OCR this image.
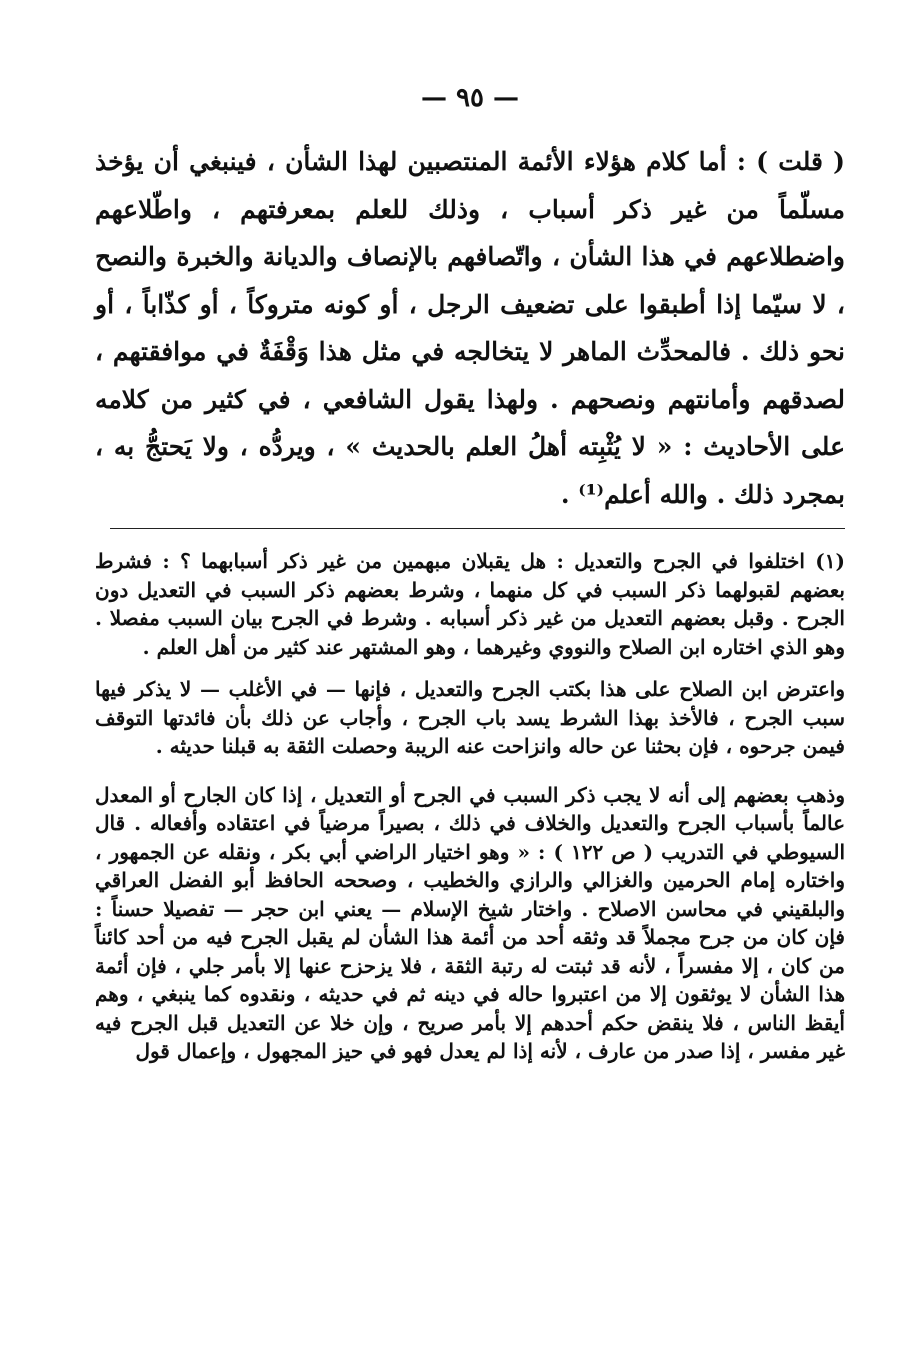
— ٩٥ —

( قلت ) : أما كلام هؤلاء الأئمة المنتصبين لهذا الشأن ، فينبغي أن يؤخذ مسلّماً من غير ذكر أسباب ، وذلك للعلم بمعرفتهم ، واطّلاعهم واضطلاعهم في هذا الشأن ، واتّصافهم بالإنصاف والديانة والخبرة والنصح ، لا سيّما إذا أطبقوا على تضعيف الرجل ، أو كونه متروكاً ، أو كذّاباً ، أو نحو ذلك . فالمحدِّث الماهر لا يتخالجه في مثل هذا وَقْفَةٌ في موافقتهم ، لصدقهم وأمانتهم ونصحهم . ولهذا يقول الشافعي ، في كثير من كلامه على الأحاديث : « لا يُثْبِته أهلُ العلم بالحديث » ، ويردُّه ، ولا يَحتجُّ به ، بمجرد ذلك . والله أعلم⁽¹⁾ .

(١) اختلفوا في الجرح والتعديل : هل يقبلان مبهمين من غير ذكر أسبابهما ؟ : فشرط بعضهم لقبولهما ذكر السبب في كل منهما ، وشرط بعضهم ذكر السبب في التعديل دون الجرح . وقبل بعضهم التعديل من غير ذكر أسبابه . وشرط في الجرح بيان السبب مفصلا . وهو الذي اختاره ابن الصلاح والنووي وغيرهما ، وهو المشتهر عند كثير من أهل العلم .

واعترض ابن الصلاح على هذا بكتب الجرح والتعديل ، فإنها — في الأغلب — لا يذكر فيها سبب الجرح ، فالأخذ بهذا الشرط يسد باب الجرح ، وأجاب عن ذلك بأن فائدتها التوقف فيمن جرحوه ، فإن بحثنا عن حاله وانزاحت عنه الريبة وحصلت الثقة به قبلنا حديثه .

وذهب بعضهم إلى أنه لا يجب ذكر السبب في الجرح أو التعديل ، إذا كان الجارح أو المعدل عالماً بأسباب الجرح والتعديل والخلاف في ذلك ، بصيراً مرضياً في اعتقاده وأفعاله . قال السيوطي في التدريب ( ص ١٢٢ ) : « وهو اختيار الراضي أبي بكر ، ونقله عن الجمهور ، واختاره إمام الحرمين والغزالي والرازي والخطيب ، وصححه الحافظ أبو الفضل العراقي والبلقيني في محاسن الاصلاح . واختار شيخ الإسلام — يعني ابن حجر — تفصيلا حسناً : فإن كان من جرح مجملاً قد وثقه أحد من أئمة هذا الشأن لم يقبل الجرح فيه من أحد كائناً من كان ، إلا مفسراً ، لأنه قد ثبتت له رتبة الثقة ، فلا يزحزح عنها إلا بأمر جلي ، فإن أئمة هذا الشأن لا يوثقون إلا من اعتبروا حاله في دينه ثم في حديثه ، ونقدوه كما ينبغي ، وهم أيقظ الناس ، فلا ينقض حكم أحدهم إلا بأمر صريح ، وإن خلا عن التعديل قبل الجرح فيه غير مفسر ، إذا صدر من عارف ، لأنه إذا لم يعدل فهو في حيز المجهول ، وإعمال قول
